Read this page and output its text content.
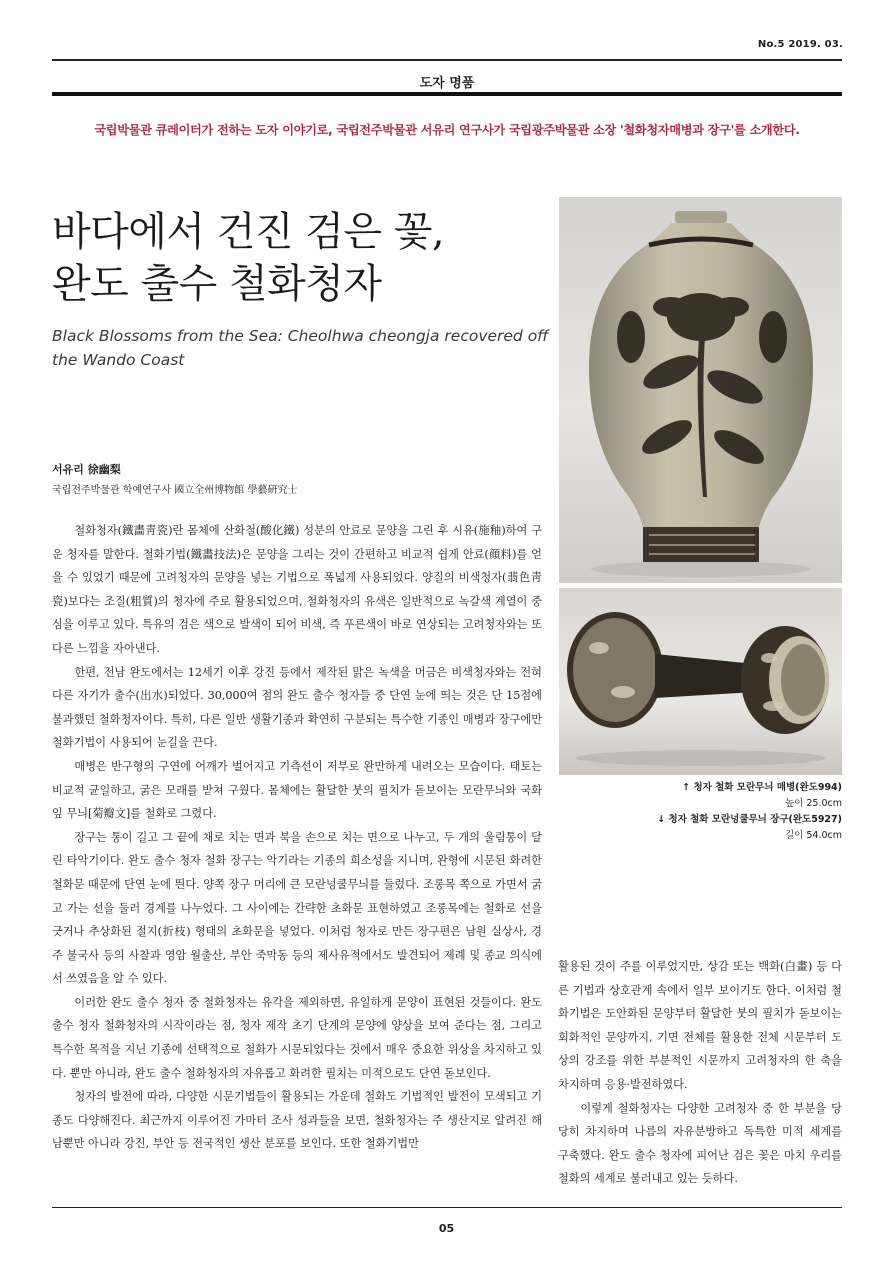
No.5 2019. 03.
도자 명품
국립박물관 큐레이터가 전하는 도자 이야기로, 국립전주박물관 서유리 연구사가 국립광주박물관 소장 '철화청자매병과 장구'를 소개한다.
바다에서 건진 검은 꽃,
완도 출수 철화청자
Black Blossoms from the Sea: Cheolhwa cheongja recovered off the Wando Coast
서유리 徐幽梨
국립전주박물관 학예연구사 國立全州博物館 學藝硏究士

철화청자(鐵畵靑瓷)란 몸체에 산화철(酸化鐵) 성분의 안료로 문양을 그린 후 시유(施釉)하여 구운 청자를 말한다. 철화기법(鐵畵技法)은 문양을 그리는 것이 간편하고 비교적 쉽게 안료(顔料)를 얻을 수 있었기 때문에 고려청자의 문양을 넣는 기법으로 폭넓게 사용되었다. 양질의 비색청자(翡色靑瓷)보다는 조질(粗質)의 청자에 주로 활용되었으며, 철화청자의 유색은 일반적으로 녹갈색 계열이 중심을 이루고 있다. 특유의 검은 색으로 발색이 되어 비색, 즉 푸른색이 바로 연상되는 고려청자와는 또 다른 느낌을 자아낸다.

한편, 전남 완도에서는 12세기 이후 강진 등에서 제작된 맑은 녹색을 머금은 비색청자와는 전혀 다른 자기가 출수(出水)되었다. 30,000여 점의 완도 출수 청자들 중 단연 눈에 띄는 것은 단 15점에 불과했던 철화청자이다. 특히, 다른 일반 생활기종과 확연히 구분되는 특수한 기종인 매병과 장구에만 철화기법이 사용되어 눈길을 끈다.

매병은 반구형의 구연에 어깨가 벌어지고 기측선이 저부로 완만하게 내려오는 모습이다. 태토는 비교적 균일하고, 굵은 모래를 받쳐 구웠다. 몸체에는 활달한 붓의 필치가 돋보이는 모란무늬와 국화 잎 무늬[菊瓣文]를 철화로 그렸다.

장구는 통이 길고 그 끝에 채로 치는 면과 북을 손으로 치는 면으로 나누고, 두 개의 울림통이 달린 타악기이다. 완도 출수 청자 철화 장구는 악기라는 기종의 희소성을 지니며, 완형에 시문된 화려한 철화문 때문에 단연 눈에 띈다. 양쪽 장구 머리에 큰 모란넝쿨무늬를 둘렀다. 조롱목 쪽으로 가면서 굵고 가는 선을 둘러 경계를 나누었다. 그 사이에는 간략한 초화문 표현하였고 조롱목에는 철화로 선을 긋거나 추상화된 절지(折枝) 형태의 초화문을 넣었다. 이처럼 청자로 만든 장구편은 남원 실상사, 경주 불국사 등의 사찰과 영암 월출산, 부안 죽막동 등의 제사유적에서도 발견되어 제례 및 종교 의식에서 쓰였음을 알 수 있다.

이러한 완도 출수 청자 중 철화청자는 유각을 제외하면, 유일하게 문양이 표현된 것들이다. 완도 출수 청자 철화청자의 시작이라는 점, 청자 제작 초기 단계의 문양에 양상을 보여 준다는 점, 그리고 특수한 목적을 지닌 기종에 선택적으로 철화가 시문되었다는 것에서 매우 중요한 위상을 차지하고 있다. 뿐만 아니라, 완도 출수 철화청자의 자유롭고 화려한 필치는 미적으로도 단연 돋보인다.

청자의 발전에 따라, 다양한 시문기법들이 활용되는 가운데 철화도 기법적인 발전이 모색되고 기종도 다양해진다. 최근까지 이루어진 가마터 조사 성과들을 보면, 철화청자는 주 생산지로 알려진 해남뿐만 아니라 강진, 부안 등 전국적인 생산 분포를 보인다. 또한 철화기법만

↑ 청자 철화 모란무늬 매병(완도994)
높이 25.0cm
↓ 청자 철화 모란넝쿨무늬 장구(완도5927)
길이 54.0cm

활용된 것이 주를 이루었지만, 상감 또는 백화(白畫) 등 다른 기법과 상호관계 속에서 일부 보이기도 한다. 이처럼 철화기법은 도안화된 문양부터 활달한 붓의 필치가 돋보이는 회화적인 문양까지, 기면 전체를 활용한 전체 시문부터 도상의 강조를 위한 부분적인 시문까지 고려청자의 한 축을 차지하며 응용·발전하였다.

이렇게 철화청자는 다양한 고려청자 중 한 부분을 당당히 차지하며 나름의 자유분방하고 독특한 미적 세계를 구축했다. 완도 출수 청자에 피어난 검은 꽃은 마치 우리를 철화의 세계로 불러내고 있는 듯하다.

05
